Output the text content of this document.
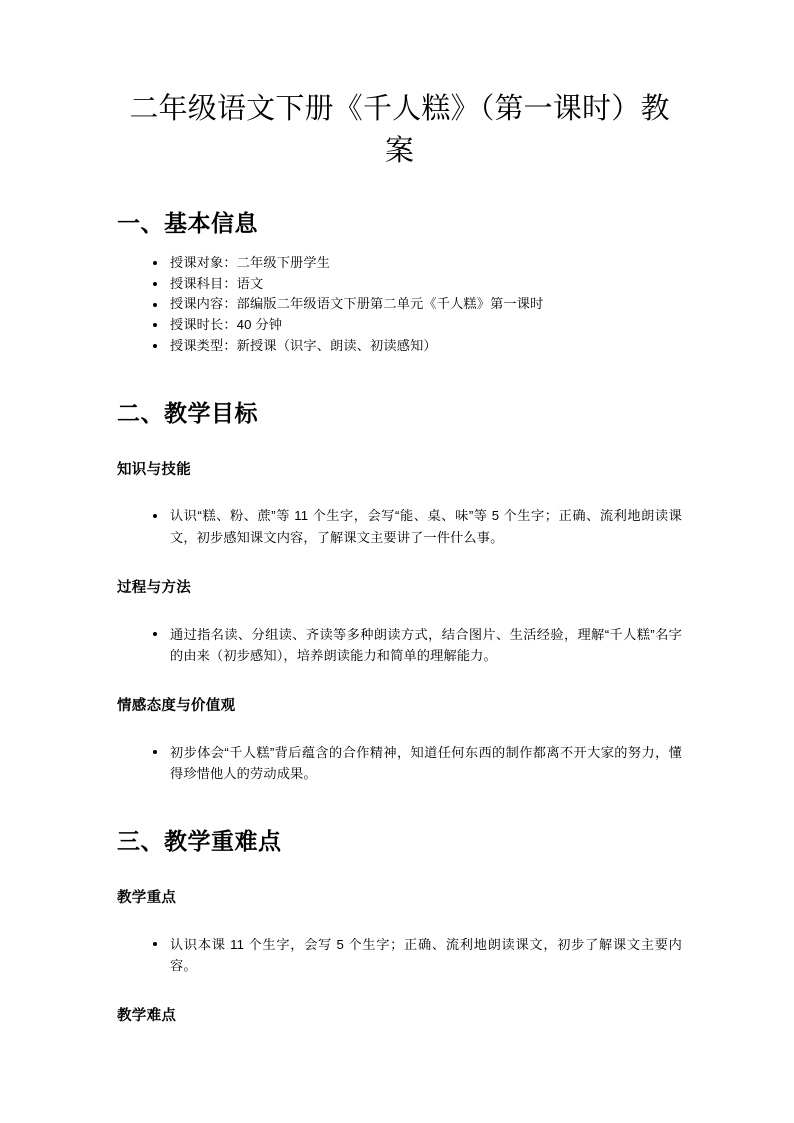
二年级语文下册《千人糕》（第一课时）教案
一、基本信息
授课对象：二年级下册学生
授课科目：语文
授课内容：部编版二年级语文下册第二单元《千人糕》第一课时
授课时长：40 分钟
授课类型：新授课（识字、朗读、初读感知）
二、教学目标
知识与技能
认识“糕、粉、蔗”等 11 个生字，会写“能、桌、味”等 5 个生字；正确、流利地朗读课文，初步感知课文内容，了解课文主要讲了一件什么事。
过程与方法
通过指名读、分组读、齐读等多种朗读方式，结合图片、生活经验，理解“千人糕”名字的由来（初步感知），培养朗读能力和简单的理解能力。
情感态度与价值观
初步体会“千人糕”背后蕴含的合作精神，知道任何东西的制作都离不开大家的努力，懂得珍惜他人的劳动成果。
三、教学重难点
教学重点
认识本课 11 个生字，会写 5 个生字；正确、流利地朗读课文，初步了解课文主要内容。
教学难点
